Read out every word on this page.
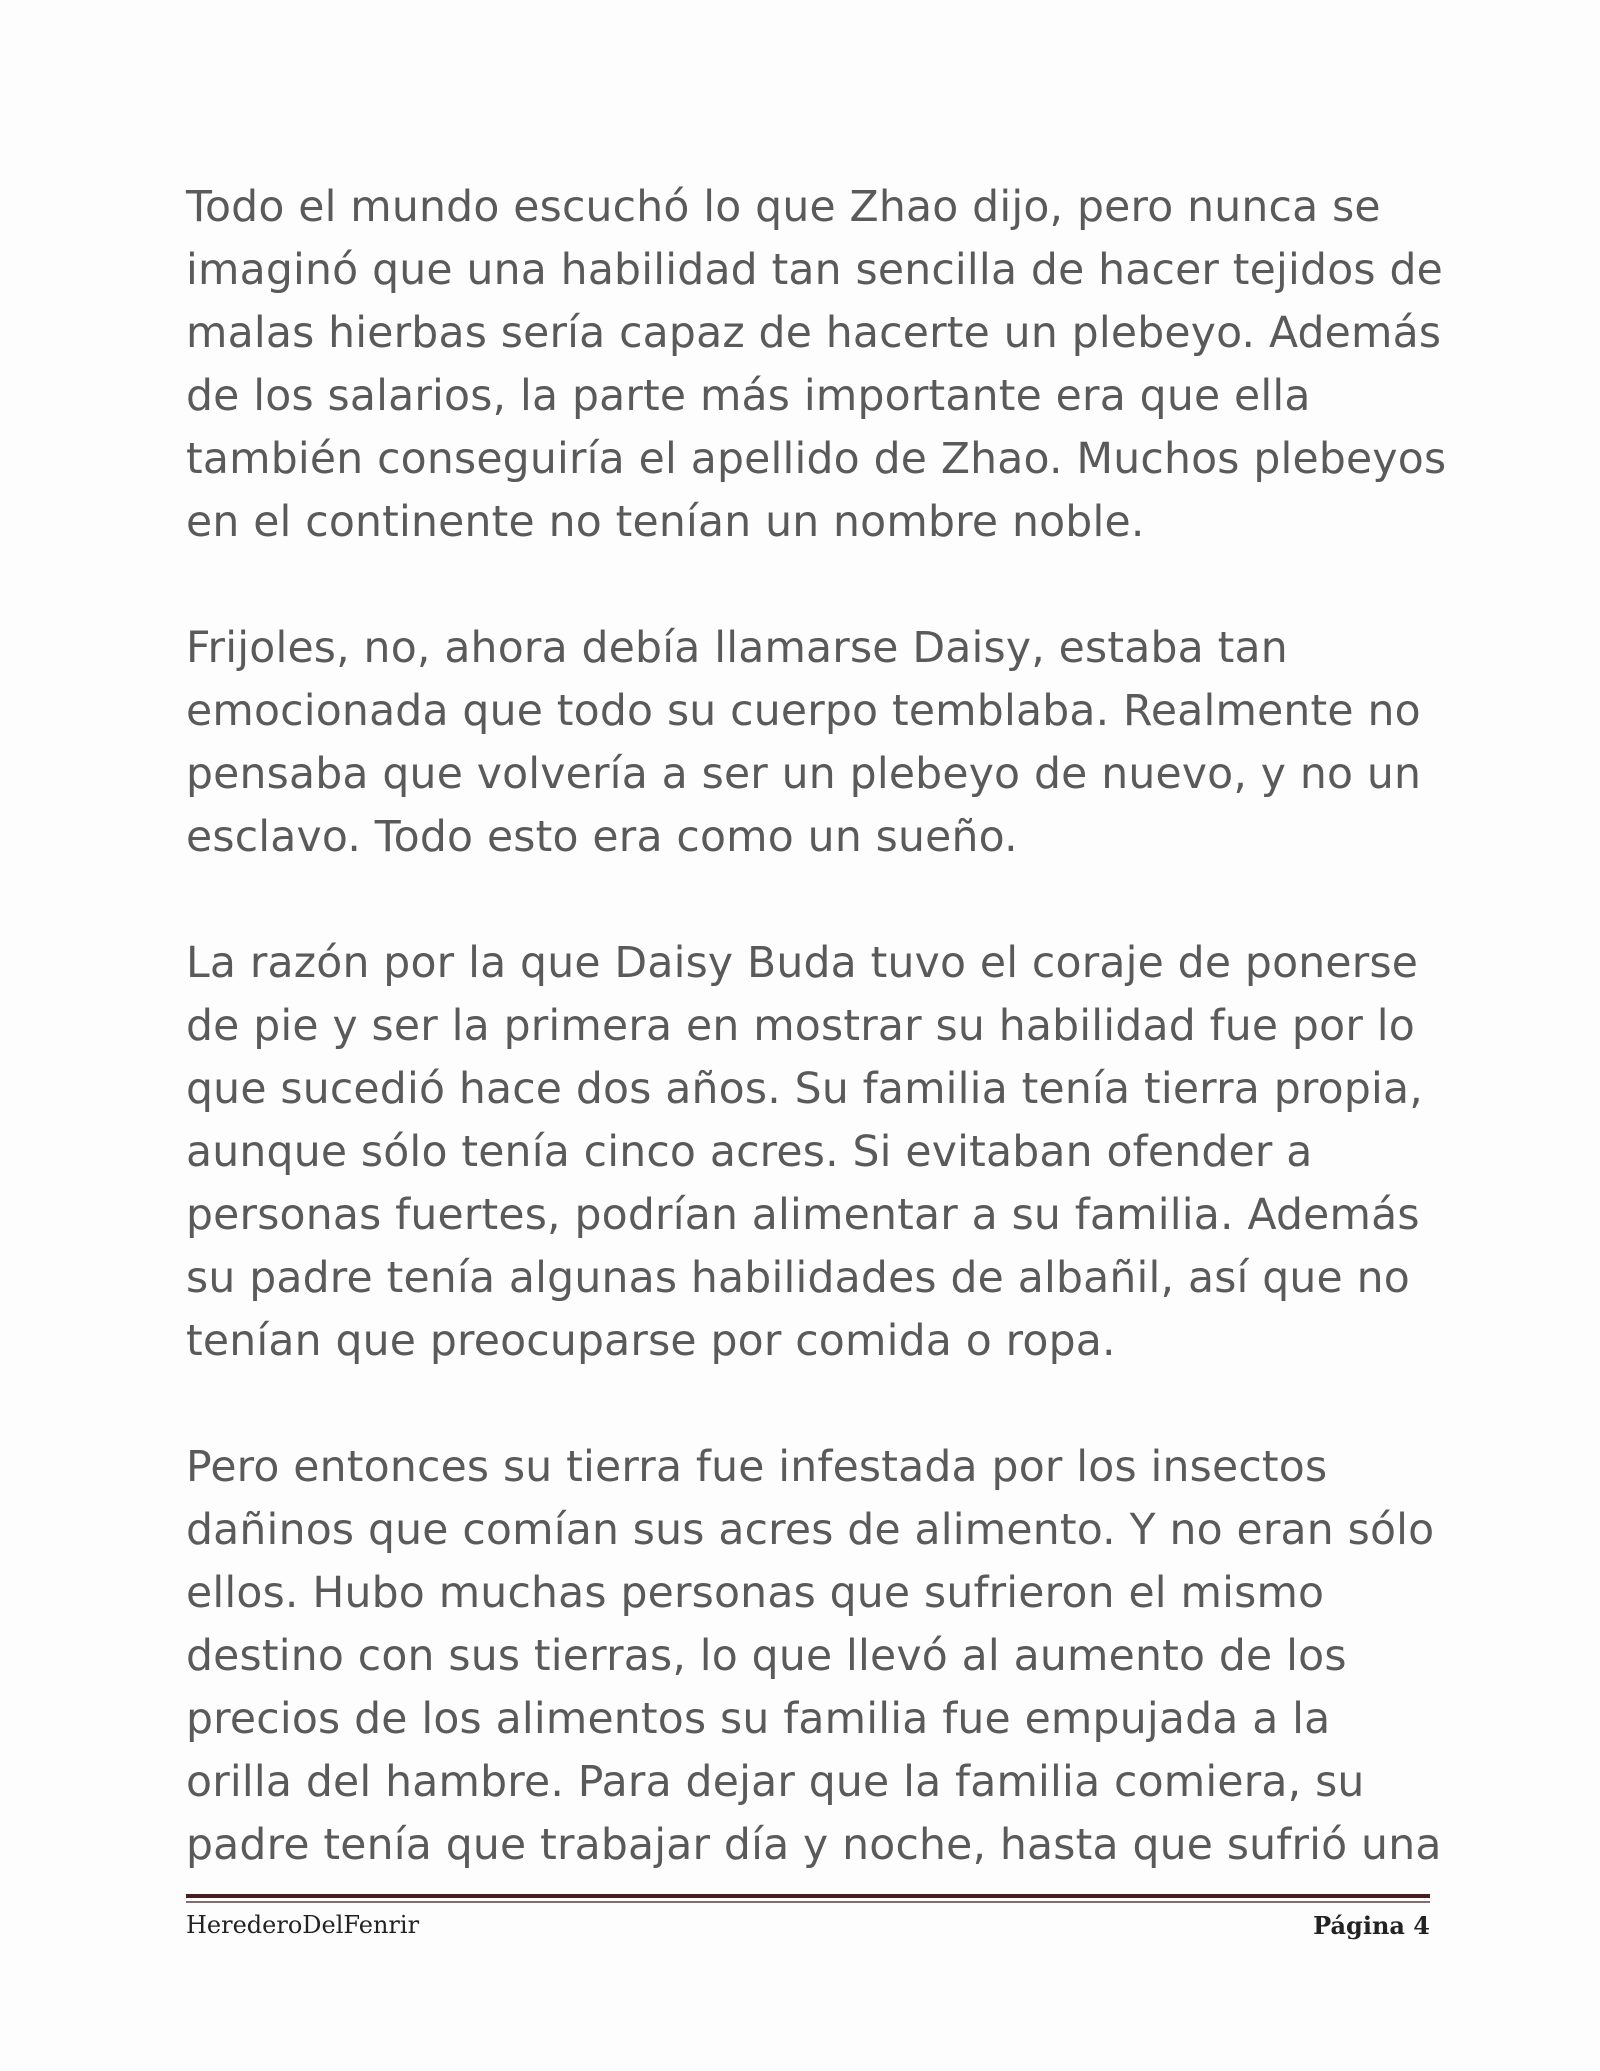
Todo el mundo escuchó lo que Zhao dijo, pero nunca se
imaginó que una habilidad tan sencilla de hacer tejidos de
malas hierbas sería capaz de hacerte un plebeyo. Además
de los salarios, la parte más importante era que ella
también conseguiría el apellido de Zhao. Muchos plebeyos
en el continente no tenían un nombre noble.

Frijoles, no, ahora debía llamarse Daisy, estaba tan
emocionada que todo su cuerpo temblaba. Realmente no
pensaba que volvería a ser un plebeyo de nuevo, y no un
esclavo. Todo esto era como un sueño.

La razón por la que Daisy Buda tuvo el coraje de ponerse
de pie y ser la primera en mostrar su habilidad fue por lo
que sucedió hace dos años. Su familia tenía tierra propia,
aunque sólo tenía cinco acres. Si evitaban ofender a
personas fuertes, podrían alimentar a su familia. Además
su padre tenía algunas habilidades de albañil, así que no
tenían que preocuparse por comida o ropa.

Pero entonces su tierra fue infestada por los insectos
dañinos que comían sus acres de alimento. Y no eran sólo
ellos. Hubo muchas personas que sufrieron el mismo
destino con sus tierras, lo que llevó al aumento de los
precios de los alimentos su familia fue empujada a la
orilla del hambre. Para dejar que la familia comiera, su
padre tenía que trabajar día y noche, hasta que sufrió una

HerederoDelFenrir	Página 4
